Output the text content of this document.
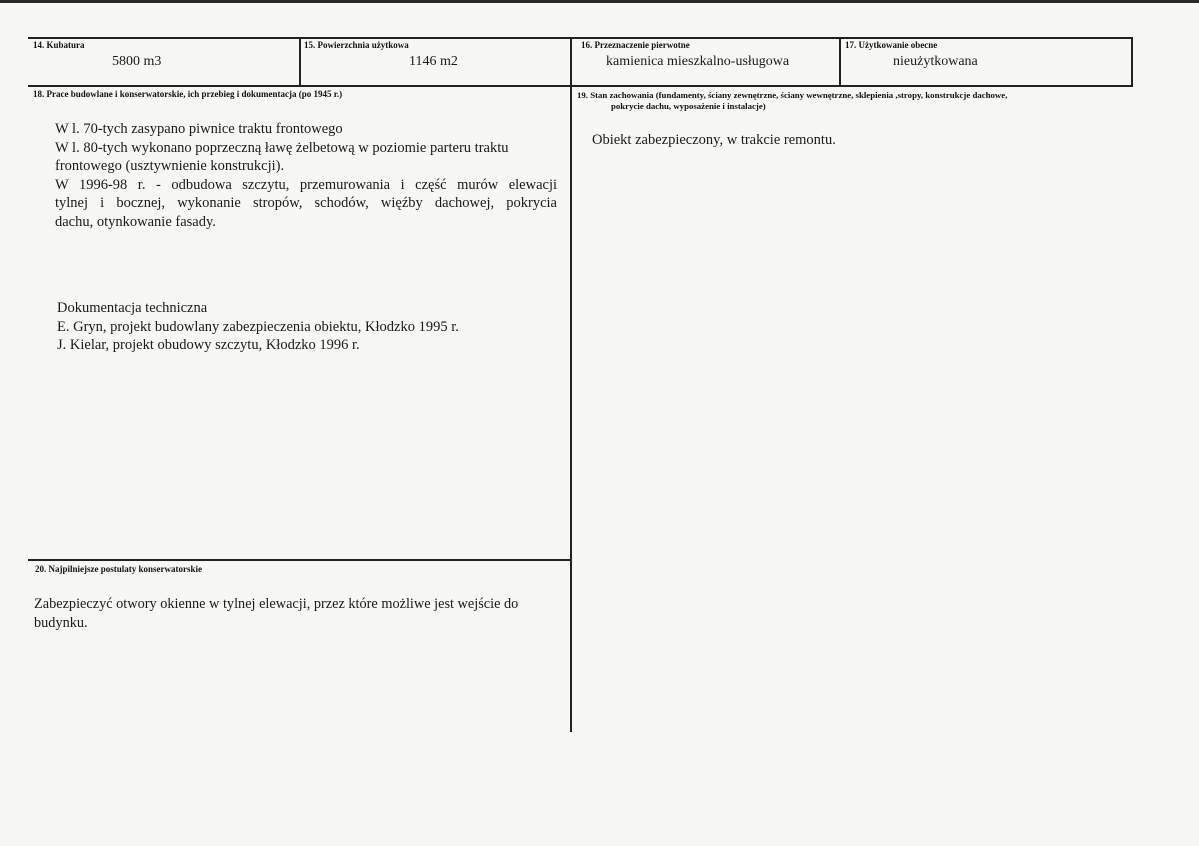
14. Kubatura
5800 m3
15. Powierzchnia użytkowa
1146 m2
16. Przeznaczenie pierwotne
kamienica mieszkalno-usługowa
17. Użytkowanie obecne
nieużytkowana
18. Prace budowlane i konserwatorskie, ich przebieg i dokumentacja (po 1945 r.)
W l. 70-tych zasypano piwnice traktu frontowego
W l. 80-tych wykonano poprzeczną ławę żelbetową w poziomie parteru traktu
frontowego (usztywnienie konstrukcji).
W 1996-98 r. - odbudowa szczytu, przemurowania i część murów elewacji
tylnej i bocznej, wykonanie stropów, schodów, więźby dachowej, pokrycia
dachu, otynkowanie fasady.
Dokumentacja techniczna
E. Gryn, projekt budowlany zabezpieczenia obiektu, Kłodzko 1995 r.
J. Kielar, projekt obudowy szczytu, Kłodzko 1996 r.
19. Stan zachowania (fundamenty, ściany zewnętrzne, ściany wewnętrzne, sklepienia ,stropy, konstrukcje dachowe,
pokrycie dachu, wyposażenie i instalacje)
Obiekt zabezpieczony, w trakcie remontu.
20. Najpilniejsze postulaty konserwatorskie
Zabezpieczyć otwory okienne w tylnej elewacji, przez które możliwe jest wejście do
budynku.
